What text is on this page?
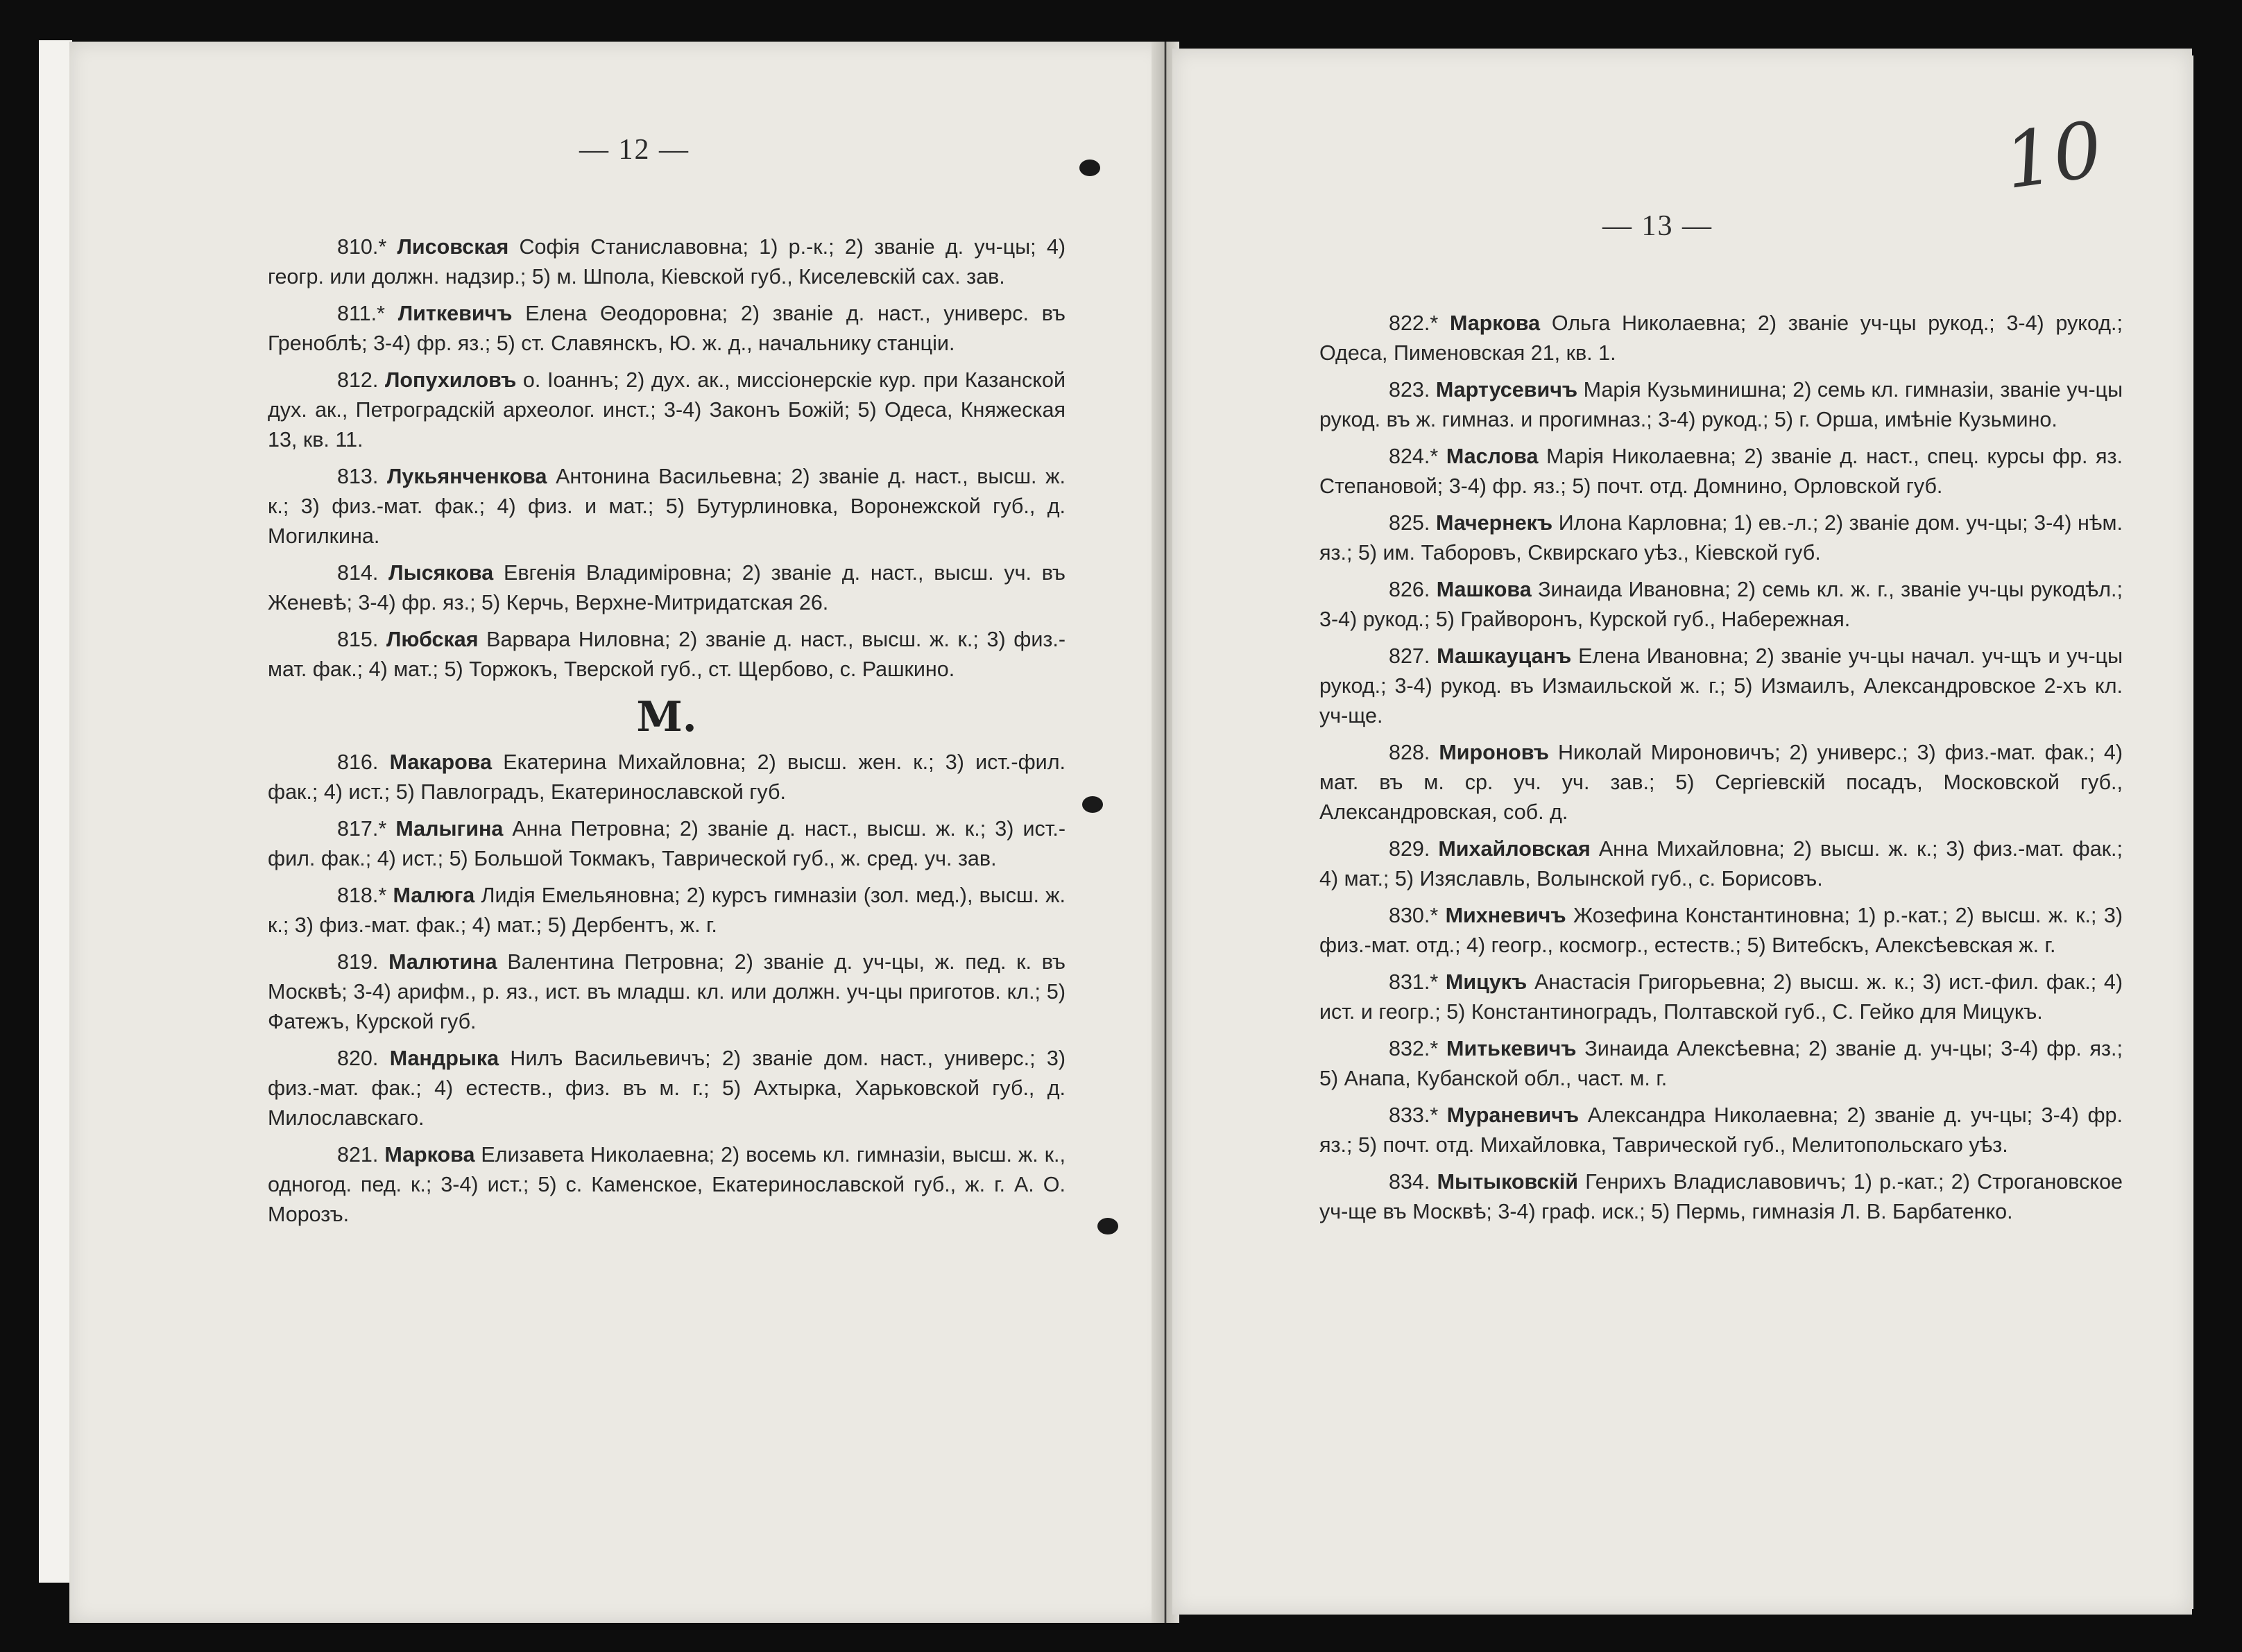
— 12 —

810.* Лисовская Софія Станиславовна; 1) р.-к.; 2) званіе д. уч-цы; 4) геогр. или должн. надзир.; 5) м. Шпола, Кіевской губ., Киселевскій сах. зав.

811.* Литкевичъ Елена Θеодоровна; 2) званіе д. наст., универс. въ Греноблѣ; 3-4) фр. яз.; 5) ст. Славянскъ, Ю. ж. д., начальнику станціи.

812. Лопухиловъ о. Іоаннъ; 2) дух. ак., миссіонерскіе кур. при Казанской дух. ак., Петроградскій археолог. инст.; 3-4) Законъ Божій; 5) Одеса, Княжеская 13, кв. 11.

813. Лукьянченкова Антонина Васильевна; 2) званіе д. наст., высш. ж. к.; 3) физ.-мат. фак.; 4) физ. и мат.; 5) Бутурлиновка, Воронежской губ., д. Могилкина.

814. Лысякова Евгенія Владиміровна; 2) званіе д. наст., высш. уч. въ Женевѣ; 3-4) фр. яз.; 5) Керчь, Верхне-Митридатская 26.

815. Любская Варвара Ниловна; 2) званіе д. наст., высш. ж. к.; 3) физ.-мат. фак.; 4) мат.; 5) Торжокъ, Тверской губ., ст. Щербово, с. Рашкино.

M.

816. Макарова Екатерина Михайловна; 2) высш. жен. к.; 3) ист.-фил. фак.; 4) ист.; 5) Павлоградъ, Екатеринославской губ.

817.* Малыгина Анна Петровна; 2) званіе д. наст., высш. ж. к.; 3) ист.-фил. фак.; 4) ист.; 5) Большой Токмакъ, Таврической губ., ж. сред. уч. зав.

818.* Малюга Лидія Емельяновна; 2) курсъ гимназіи (зол. мед.), высш. ж. к.; 3) физ.-мат. фак.; 4) мат.; 5) Дербентъ, ж. г.

819. Малютина Валентина Петровна; 2) званіе д. уч-цы, ж. пед. к. въ Москвѣ; 3-4) арифм., р. яз., ист. въ младш. кл. или должн. уч-цы приготов. кл.; 5) Фатежъ, Курской губ.

820. Мандрыка Нилъ Васильевичъ; 2) званіе дом. наст., универс.; 3) физ.-мат. фак.; 4) естеств., физ. въ м. г.; 5) Ахтырка, Харьковской губ., д. Милославскаго.

821. Маркова Елизавета Николаевна; 2) восемь кл. гимназіи, высш. ж. к., одногод. пед. к.; 3-4) ист.; 5) с. Каменское, Екатеринославской губ., ж. г. А. О. Морозъ.

10
— 13 —

822.* Маркова Ольга Николаевна; 2) званіе уч-цы рукод.; 3-4) рукод.; Одеса, Пименовская 21, кв. 1.

823. Мартусевичъ Марія Кузьминишна; 2) семь кл. гимназіи, званіе уч-цы рукод. въ ж. гимназ. и прогимназ.; 3-4) рукод.; 5) г. Орша, имѣніе Кузьмино.

824.* Маслова Марія Николаевна; 2) званіе д. наст., спец. курсы фр. яз. Степановой; 3-4) фр. яз.; 5) почт. отд. Домнино, Орловской губ.

825. Мачернекъ Илона Карловна; 1) ев.-л.; 2) званіе дом. уч-цы; 3-4) нѣм. яз.; 5) им. Таборовъ, Сквирскаго уѣз., Кіевской губ.

826. Машкова Зинаида Ивановна; 2) семь кл. ж. г., званіе уч-цы рукодѣл.; 3-4) рукод.; 5) Грайворонъ, Курской губ., Набережная.

827. Машкауцанъ Елена Ивановна; 2) званіе уч-цы начал. уч-щъ и уч-цы рукод.; 3-4) рукод. въ Измаильской ж. г.; 5) Измаилъ, Александровское 2-хъ кл. уч-ще.

828. Мироновъ Николай Мироновичъ; 2) универс.; 3) физ.-мат. фак.; 4) мат. въ м. ср. уч. уч. зав.; 5) Сергіевскій посадъ, Московской губ., Александровская, соб. д.

829. Михайловская Анна Михайловна; 2) высш. ж. к.; 3) физ.-мат. фак.; 4) мат.; 5) Изяславль, Волынской губ., с. Борисовъ.

830.* Михневичъ Жозефина Константиновна; 1) р.-кат.; 2) высш. ж. к.; 3) физ.-мат. отд.; 4) геогр., космогр., естеств.; 5) Витебскъ, Алексѣевская ж. г.

831.* Мицукъ Анастасія Григорьевна; 2) высш. ж. к.; 3) ист.-фил. фак.; 4) ист. и геогр.; 5) Константиноградъ, Полтавской губ., С. Гейко для Мицукъ.

832.* Митькевичъ Зинаида Алексѣевна; 2) званіе д. уч-цы; 3-4) фр. яз.; 5) Анапа, Кубанской обл., част. м. г.

833.* Мураневичъ Александра Николаевна; 2) званіе д. уч-цы; 3-4) фр. яз.; 5) почт. отд. Михайловка, Таврической губ., Мелитопольскаго уѣз.

834. Мытыковскій Генрихъ Владиславовичъ; 1) р.-кат.; 2) Строгановское уч-ще въ Москвѣ; 3-4) граф. иск.; 5) Пермь, гимназія Л. В. Барбатенко.
